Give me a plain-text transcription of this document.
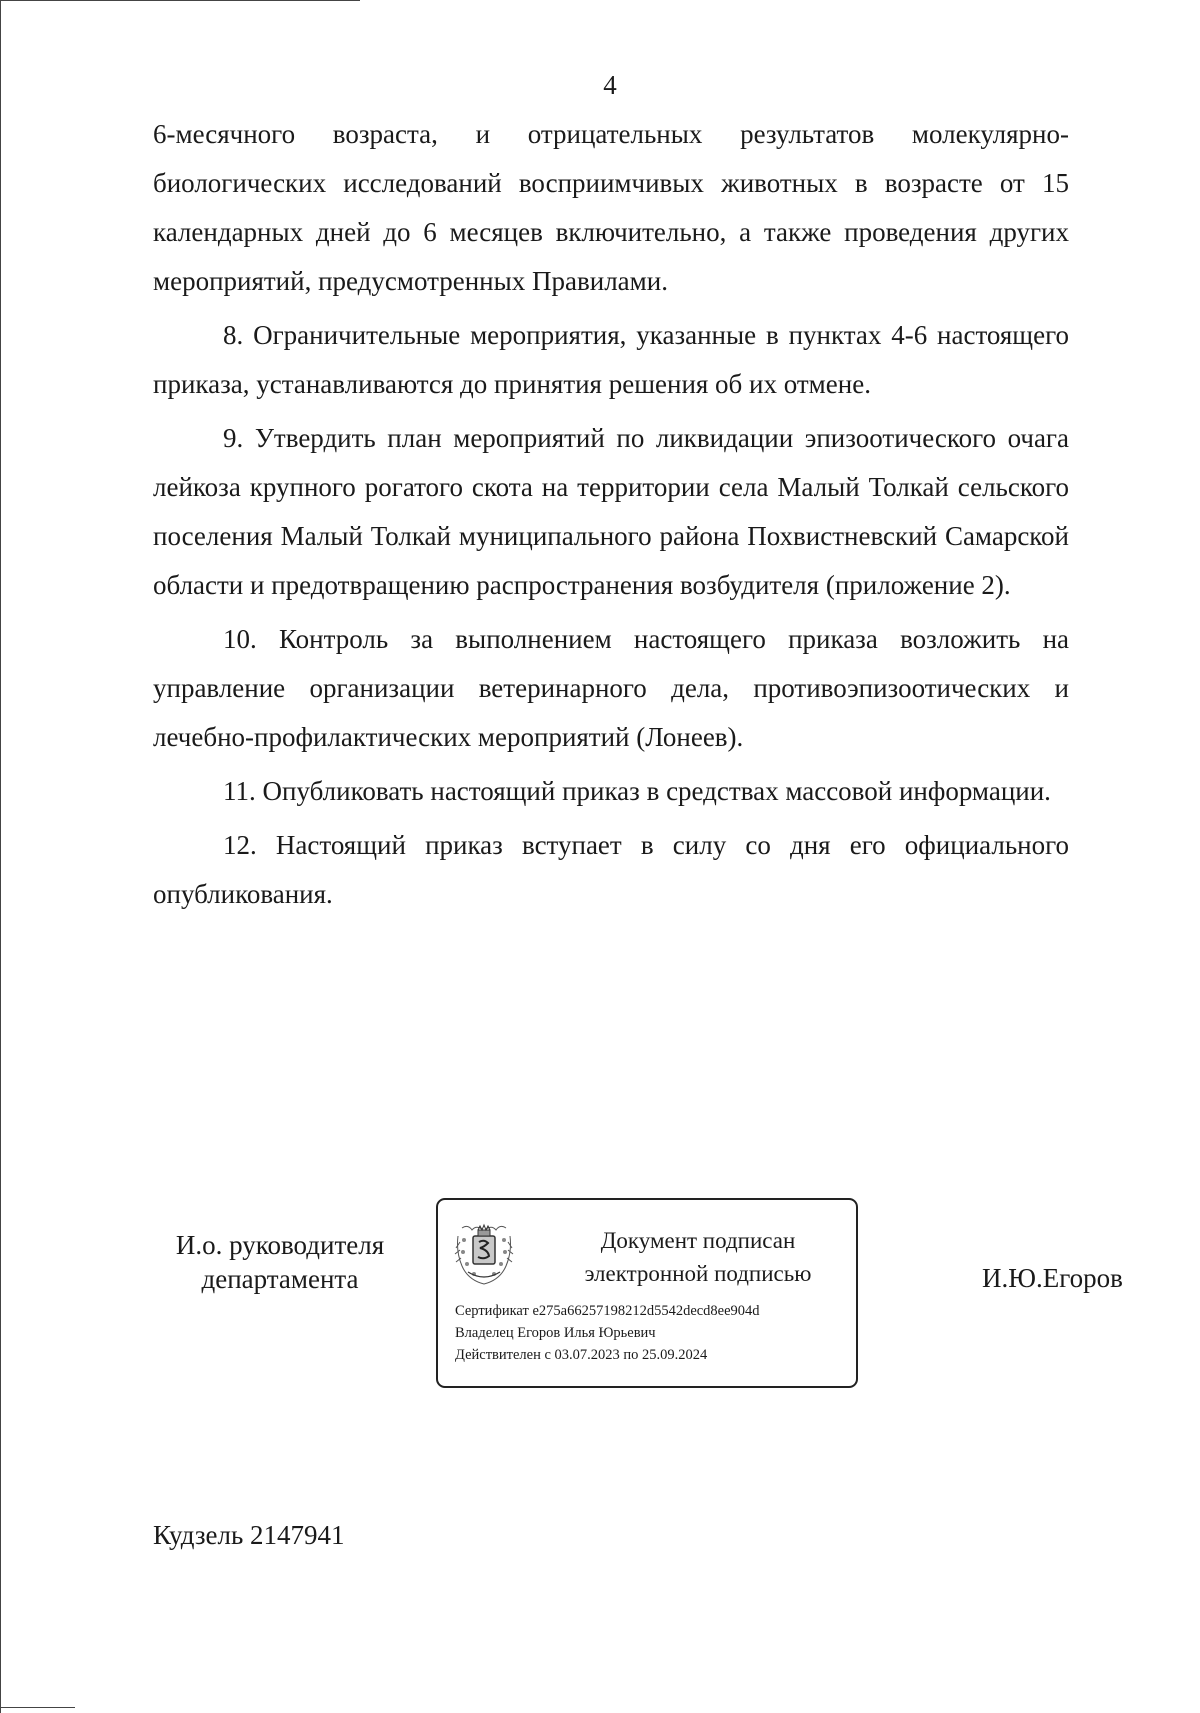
4

6-месячного возраста, и отрицательных результатов молекулярно-биологических исследований восприимчивых животных в возрасте от 15 календарных дней до 6 месяцев включительно, а также проведения других мероприятий, предусмотренных Правилами.

8. Ограничительные мероприятия, указанные в пунктах 4-6 настоящего приказа, устанавливаются до принятия решения об их отмене.

9. Утвердить план мероприятий по ликвидации эпизоотического очага лейкоза крупного рогатого скота на территории села Малый Толкай сельского поселения Малый Толкай муниципального района Похвистневский Самарской области и предотвращению распространения возбудителя (приложение 2).

10. Контроль за выполнением настоящего приказа возложить на управление организации ветеринарного дела, противоэпизоотических и лечебно-профилактических мероприятий (Лонеев).

11. Опубликовать настоящий приказ в средствах массовой информации.

12. Настоящий приказ вступает в силу со дня его официального опубликования.

И.о. руководителя
департамента
Документ подписан
электронной подписью
Сертификат e275a66257198212d5542decd8ee904d
Владелец Егоров Илья Юрьевич
Действителен с 03.07.2023 по 25.09.2024
И.Ю.Егоров
Кудзель 2147941
